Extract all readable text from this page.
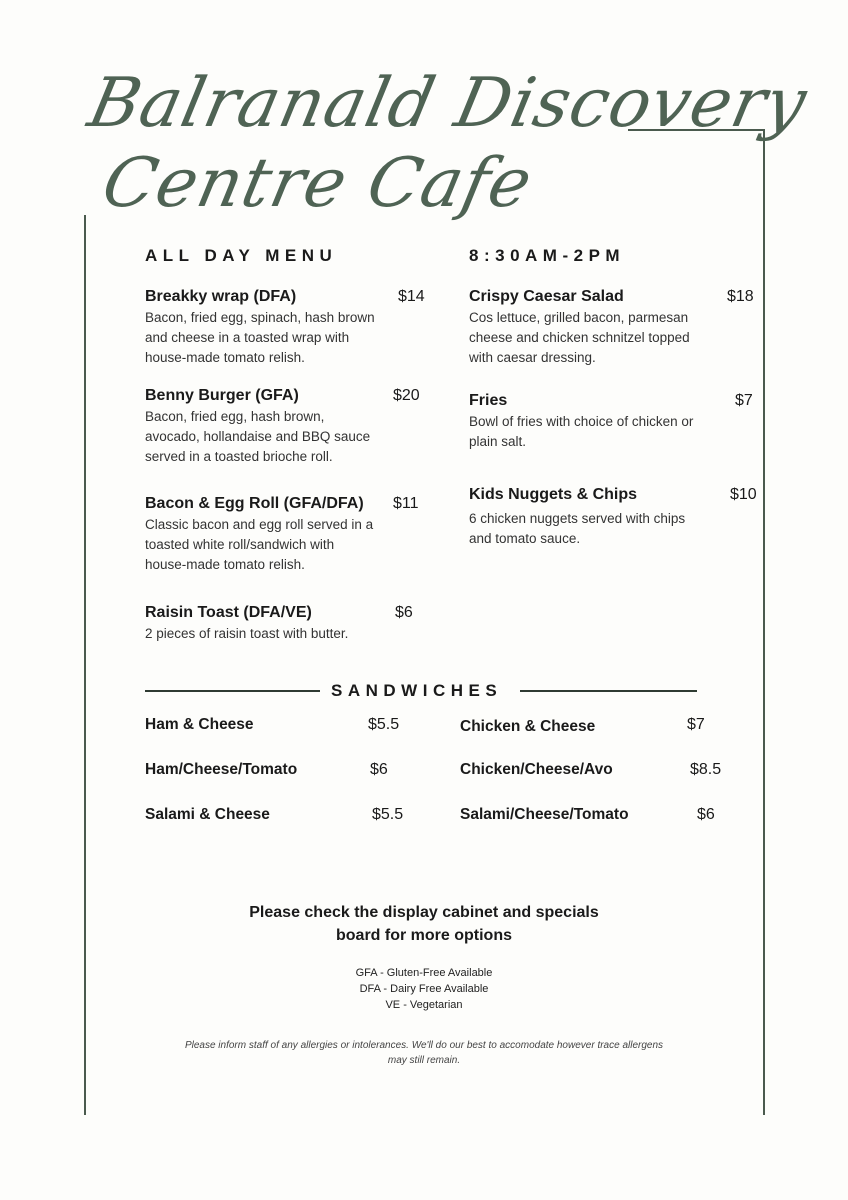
Balranald Discovery
Centre Cafe
ALL DAY MENU	8:30AM-2PM
Breakky wrap (DFA)	$14
Bacon, fried egg, spinach, hash brown and cheese in a toasted wrap with house-made tomato relish.
Benny Burger (GFA)	$20
Bacon, fried egg, hash brown, avocado, hollandaise and BBQ sauce served in a toasted brioche roll.
Bacon & Egg Roll (GFA/DFA)	$11
Classic bacon and egg roll served in a toasted white roll/sandwich with house-made tomato relish.
Raisin Toast (DFA/VE)	$6
2 pieces of raisin toast with butter.
Crispy Caesar Salad	$18
Cos lettuce, grilled bacon, parmesan cheese and chicken schnitzel topped with caesar dressing.
Fries	$7
Bowl of fries with choice of chicken or plain salt.
Kids Nuggets & Chips	$10
6 chicken nuggets served with chips and tomato sauce.
SANDWICHES
Ham & Cheese	$5.5
Ham/Cheese/Tomato	$6
Salami & Cheese	$5.5
Chicken & Cheese	$7
Chicken/Cheese/Avo	$8.5
Salami/Cheese/Tomato	$6
Please check the display cabinet and specials
board for more options
GFA - Gluten-Free Available
DFA - Dairy Free Available
VE - Vegetarian
Please inform staff of any allergies or intolerances. We'll do our best to accomodate however trace allergens
may still remain.
